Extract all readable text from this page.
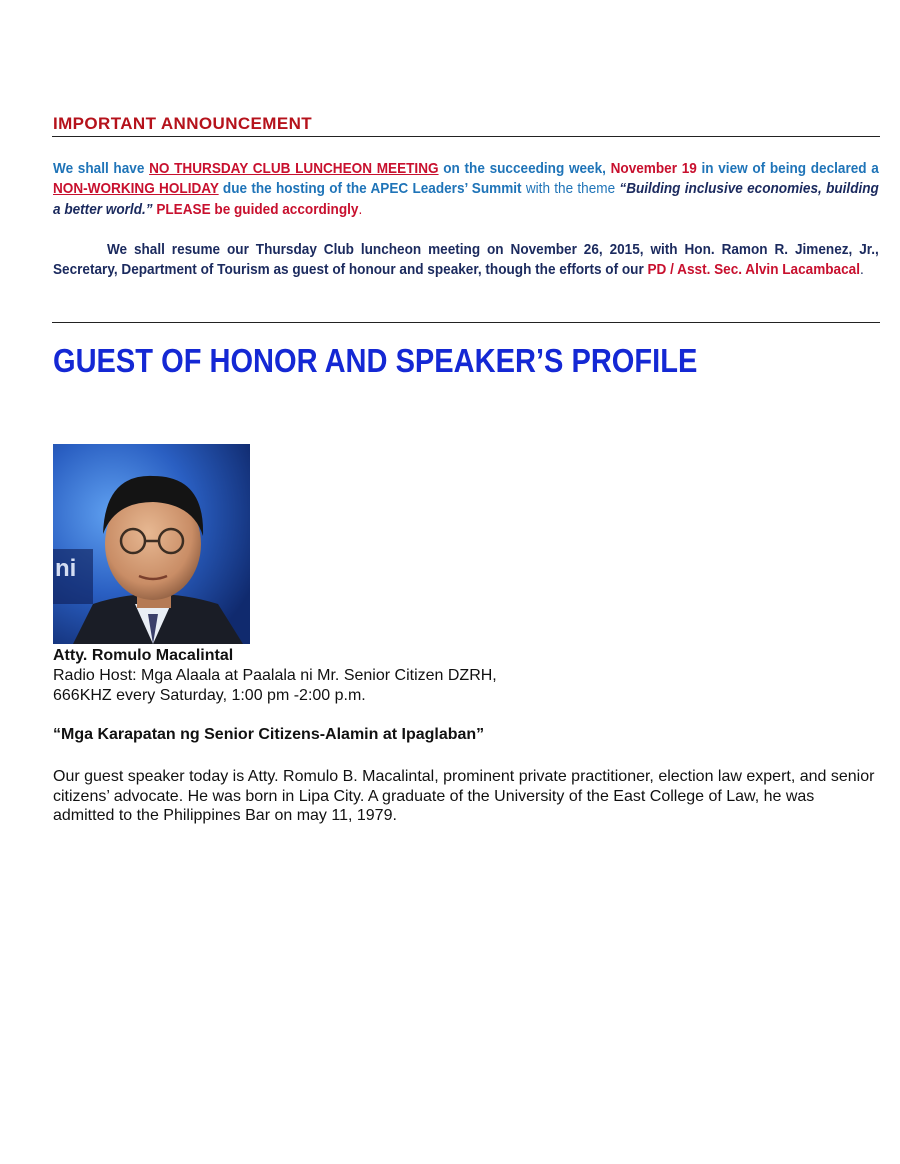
IMPORTANT ANNOUNCEMENT
We shall have NO THURSDAY CLUB LUNCHEON MEETING on the succeeding week, November 19 in view of being declared a NON-WORKING HOLIDAY due the hosting of the APEC Leaders’ Summit with the theme “Building inclusive economies, building a better world.” PLEASE be guided accordingly.
We shall resume our Thursday Club luncheon meeting on November 26, 2015, with Hon. Ramon R. Jimenez, Jr., Secretary, Department of Tourism as guest of honour and speaker, though the efforts of our PD / Asst. Sec. Alvin Lacambacal.
GUEST OF HONOR AND SPEAKER’S PROFILE
ni
Atty. Romulo Macalintal
Radio Host: Mga Alaala at Paalala ni Mr. Senior Citizen DZRH,
666KHZ every Saturday, 1:00 pm -2:00 p.m.
“Mga Karapatan ng Senior Citizens-Alamin at Ipaglaban”
Our guest speaker today is Atty. Romulo B. Macalintal, prominent private practitioner, election law expert, and senior citizens’ advocate. He was born in Lipa City. A graduate of the University of the East College of Law, he was admitted to the Philippines Bar on may 11, 1979.
